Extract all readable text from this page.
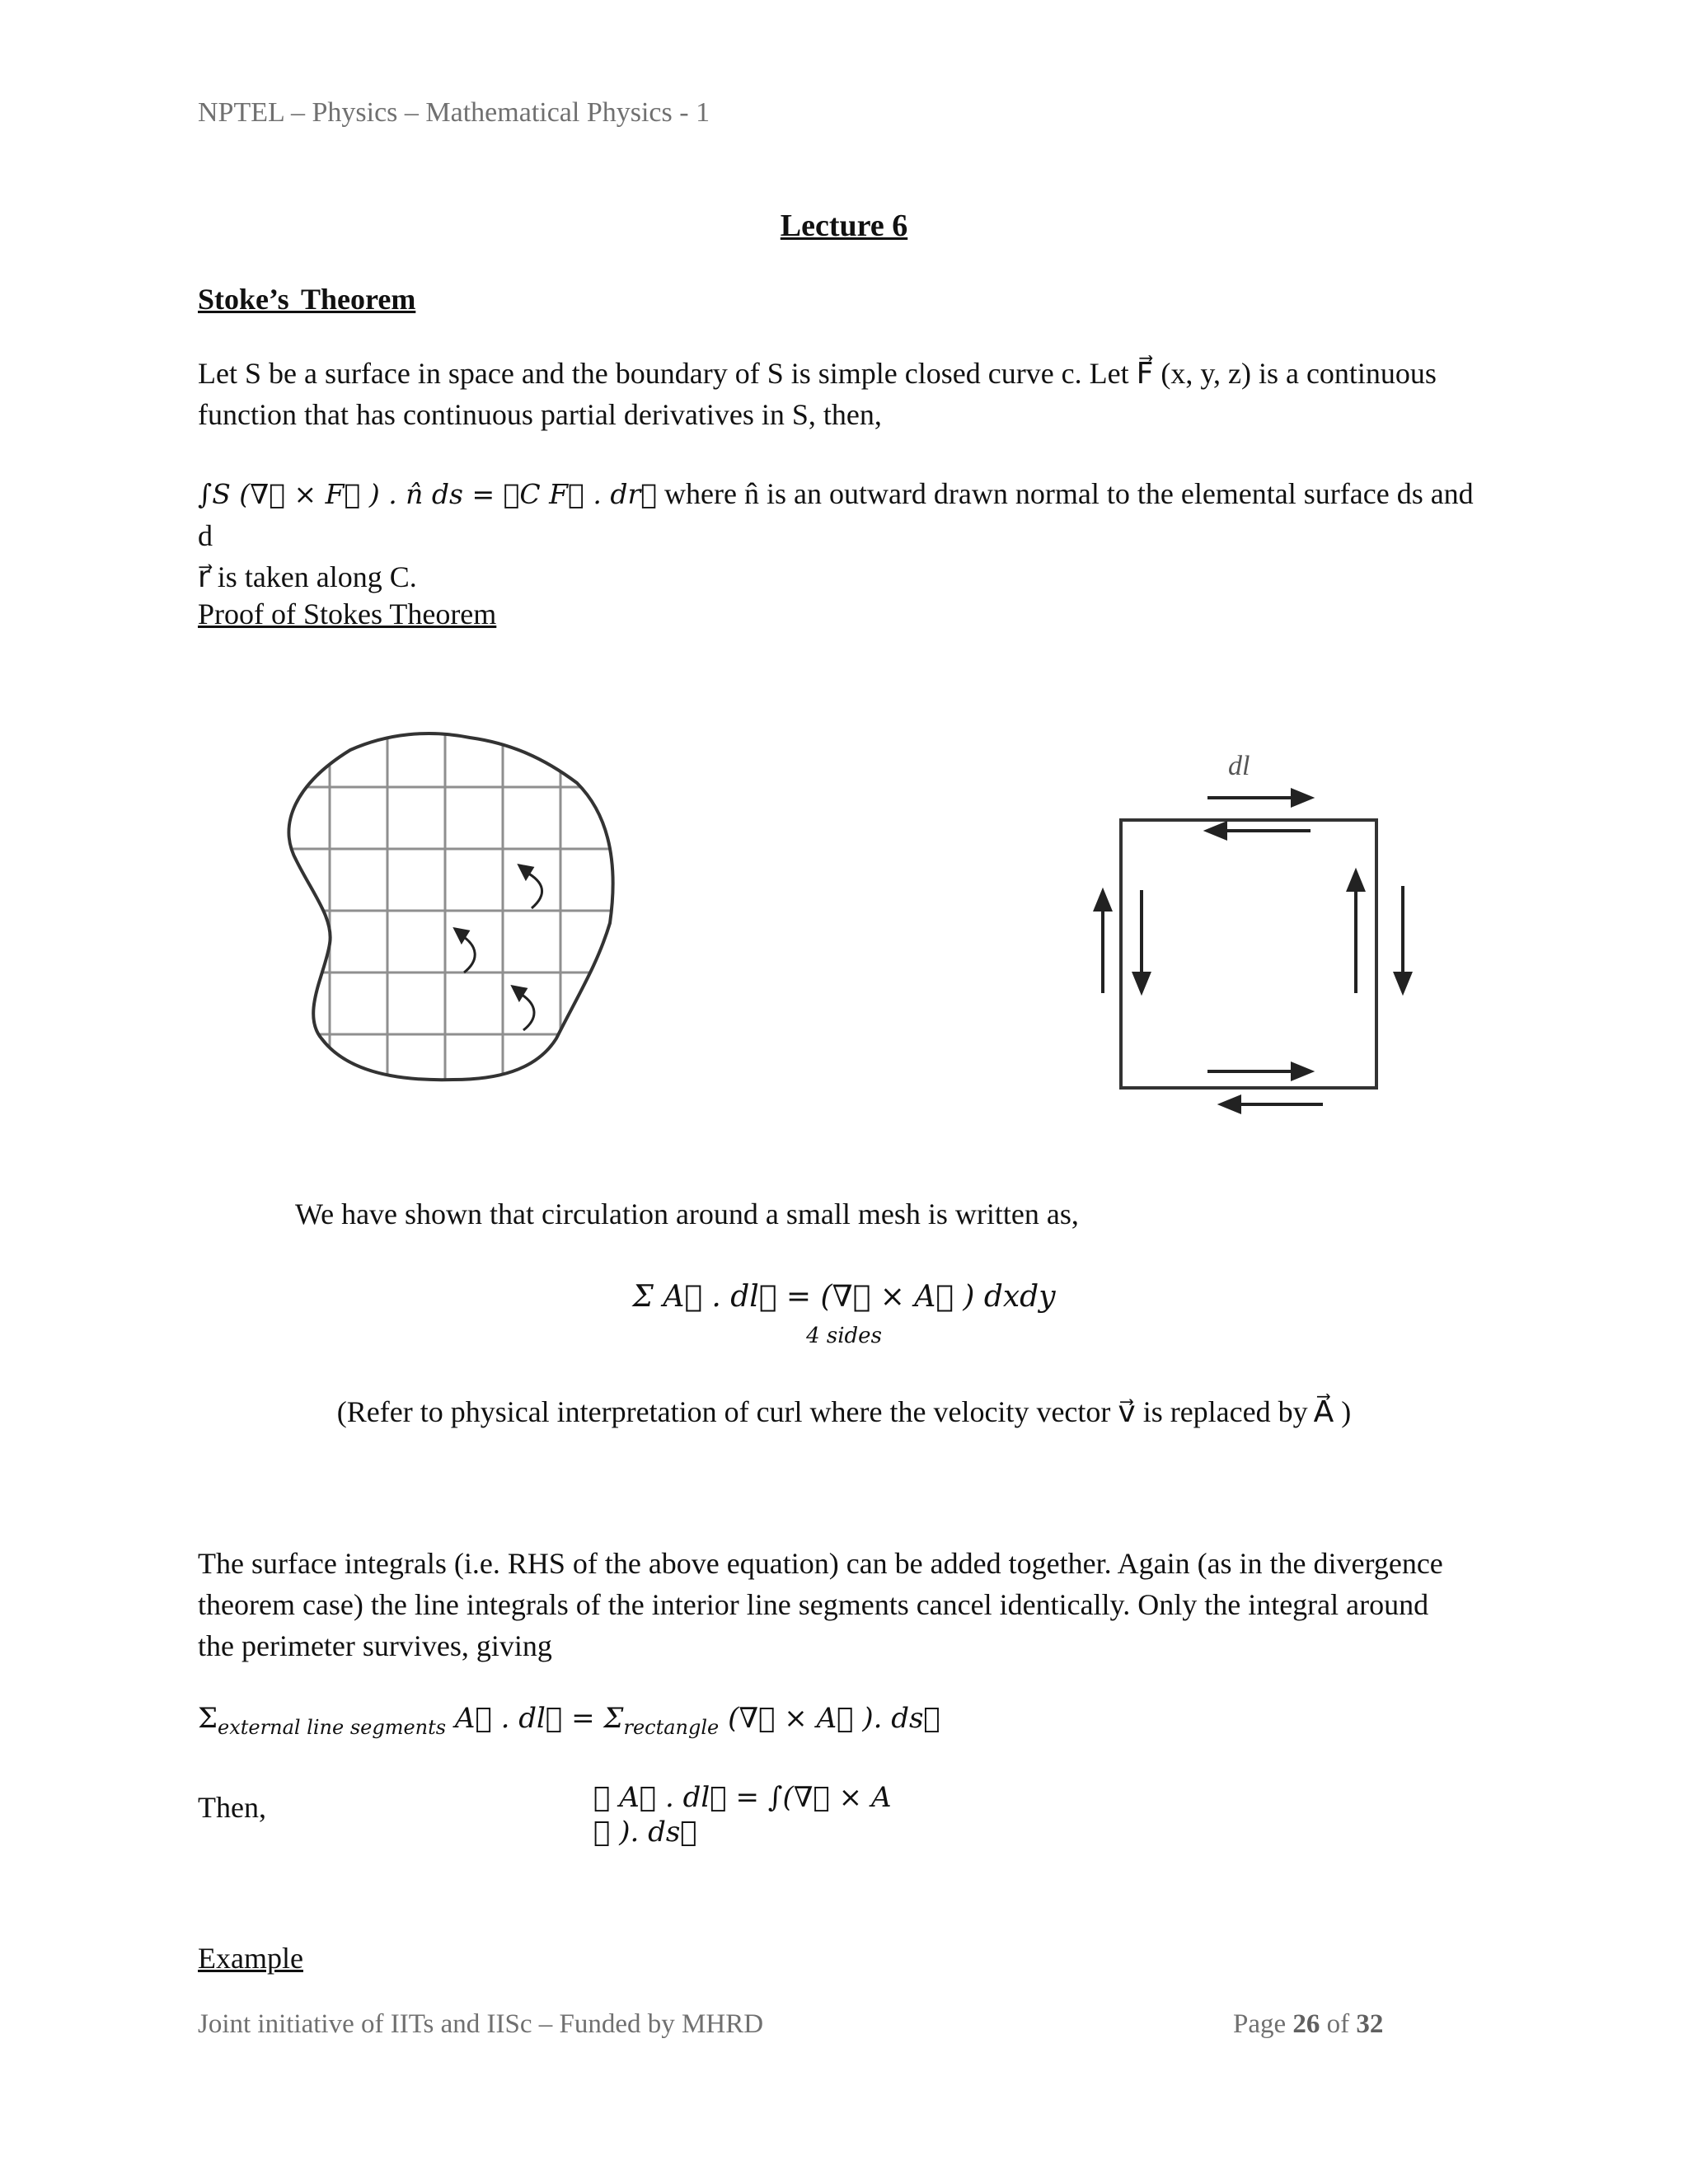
NPTEL – Physics – Mathematical Physics - 1
Lecture 6
Stoke’s Theorem
Let S be a surface in space and the boundary of S is simple closed curve c. Let F⃗ (x, y, z) is a continuous
function that has continuous partial derivatives in S, then,
∫S (∇⃗ × F⃗ ) . n̂ ds = ∮C F⃗ . dr⃗ where n̂ is an outward drawn normal to the elemental surface ds and d
r⃗ is taken along C.
Proof of Stokes Theorem
dl
We have shown that circulation around a small mesh is written as,
Σ A⃗ . dl⃗ = (∇⃗ × A⃗ ) dxdy
4 sides
(Refer to physical interpretation of curl where the velocity vector v⃗ is replaced by A⃗ )
The surface integrals (i.e. RHS of the above equation) can be added together. Again (as in the divergence
theorem case) the line integrals of the interior line segments cancel identically. Only the integral around
the perimeter survives, giving
$\Sigma_{external line segments}$ A⃗ . dl⃗ = $\Sigma_{rectangle}$ (∇⃗ × A⃗ ). ds⃗
Then,	∮ A⃗ . dl⃗ = ∫(∇⃗ × A
⃗ ). ds⃗
Example
Joint initiative of IITs and IISc – Funded by MHRD	Page 26 of 32
